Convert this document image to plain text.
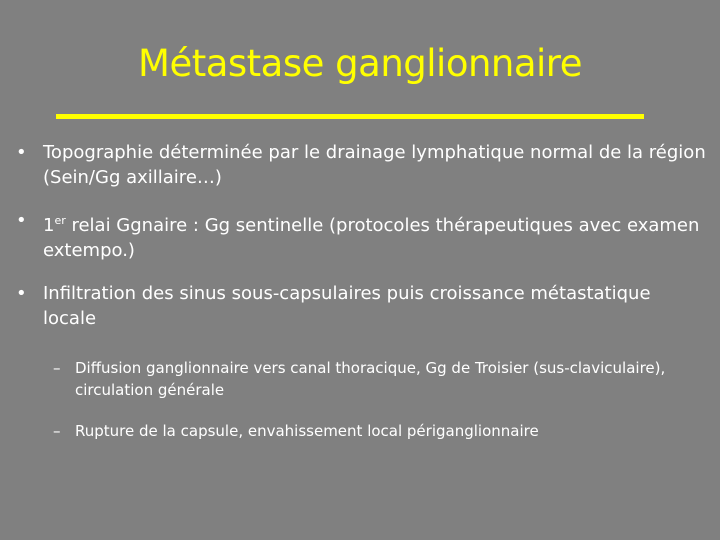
Métastase ganglionnaire
• Topographie déterminée par le drainage lymphatique normal de la région (Sein/Gg axillaire…)
• 1er relai Ggnaire : Gg sentinelle (protocoles thérapeutiques avec examen extempo.)
• Infiltration des sinus sous-capsulaires puis croissance métastatique locale
– Diffusion ganglionnaire vers canal thoracique, Gg de Troisier (sus-claviculaire), circulation générale
– Rupture de la capsule, envahissement local périganglionnaire
